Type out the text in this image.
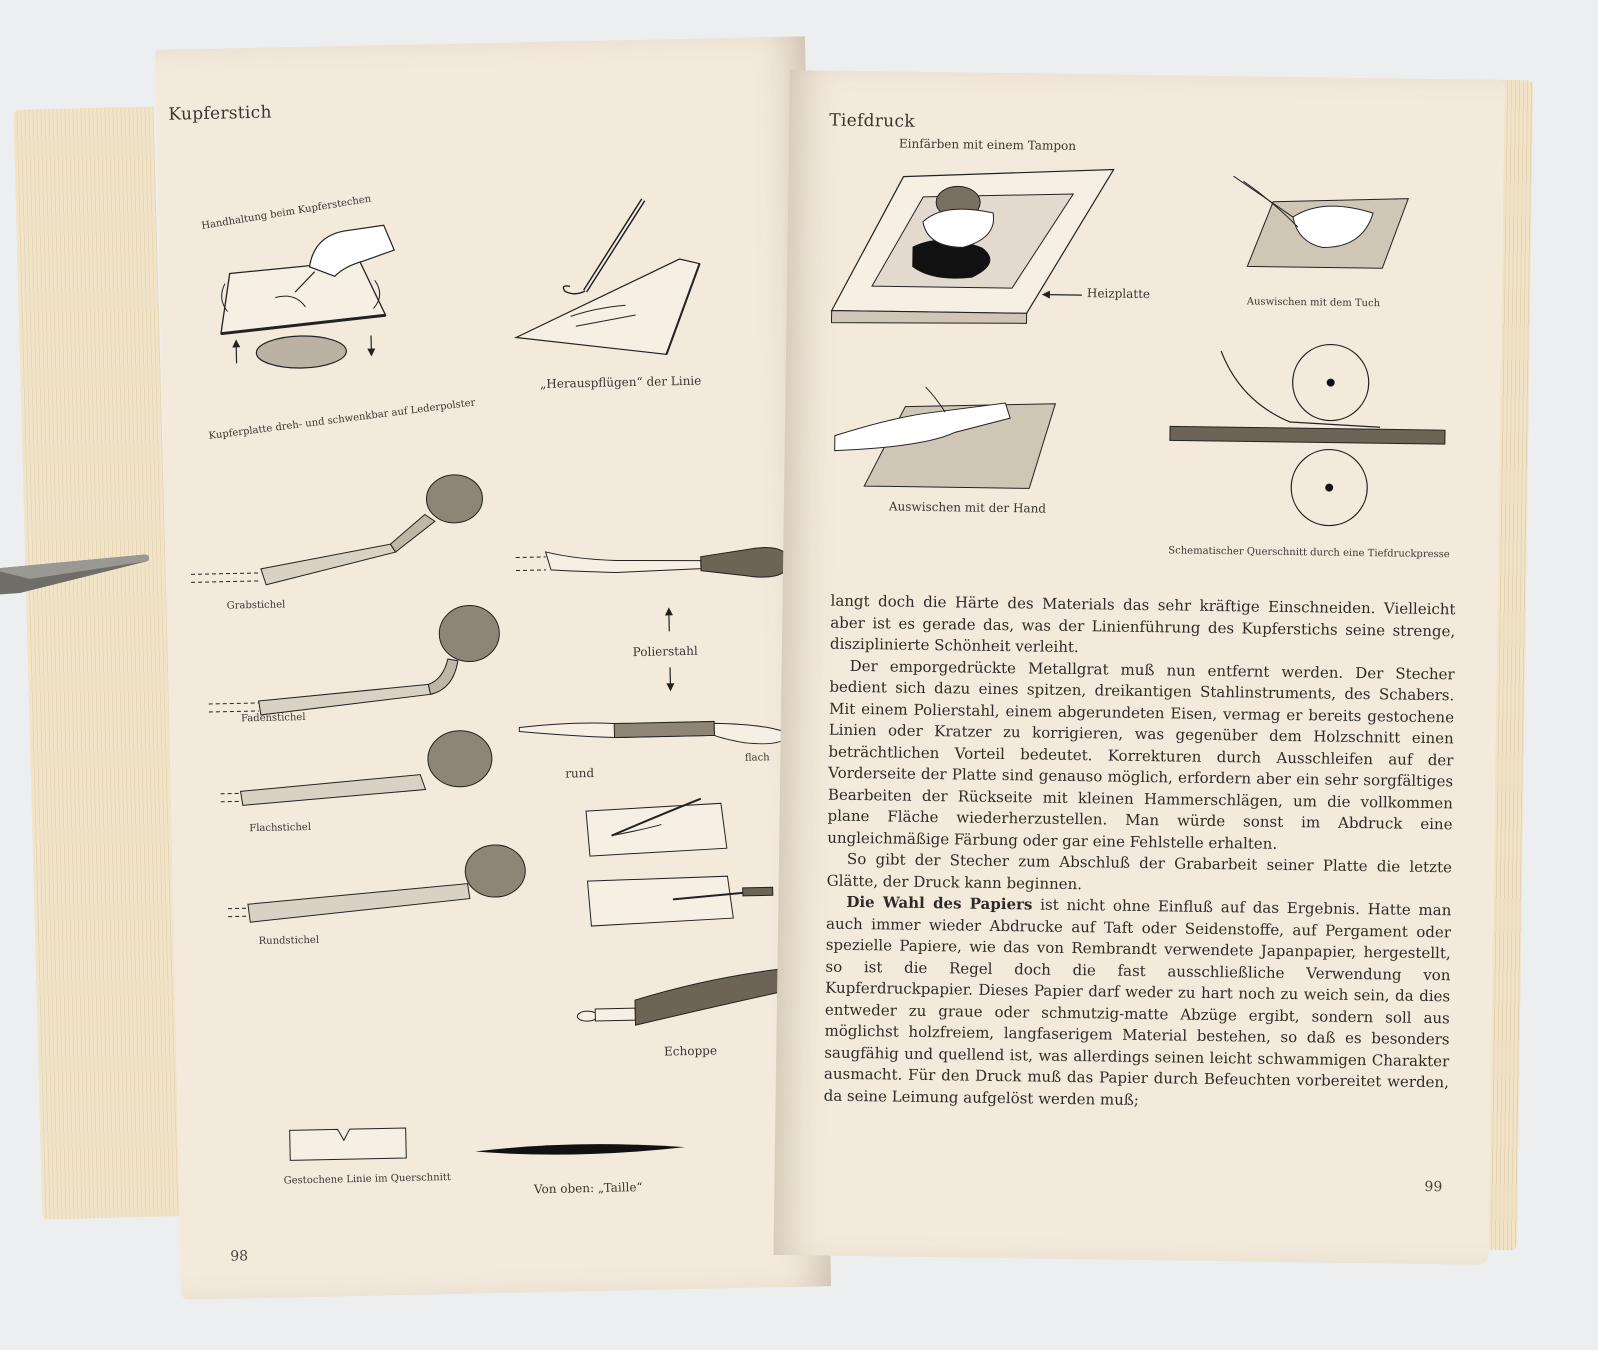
Kupferstich
Handhaltung beim Kupferstechen
Kupferplatte dreh- und schwenkbar auf Lederpolster
„Herauspflügen“ der Linie
Grabstichel
Fadenstichel
Flachstichel
Rundstichel
Polierstahl
rund
flach
Echoppe
Gestochene Linie im Querschnitt
Von oben: „Taille“
98
Tiefdruck
Einfärben mit einem Tampon
Heizplatte
Auswischen mit dem Tuch
Auswischen mit der Hand
Schematischer Querschnitt durch eine Tiefdruckpresse

langt doch die Härte des Materials das sehr kräftige Einschneiden. Vielleicht aber ist es gerade das, was der Linienführung des Kupferstichs seine strenge, disziplinierte Schönheit verleiht.

Der emporgedrückte Metallgrat muß nun entfernt werden. Der Stecher bedient sich dazu eines spitzen, dreikantigen Stahlinstruments, des Schabers. Mit einem Polierstahl, einem abgerundeten Eisen, vermag er bereits gestochene Linien oder Kratzer zu korrigieren, was gegenüber dem Holzschnitt einen beträchtlichen Vorteil bedeutet. Korrekturen durch Ausschleifen auf der Vorderseite der Platte sind genauso möglich, erfordern aber ein sehr sorgfältiges Bearbeiten der Rückseite mit kleinen Hammerschlägen, um die vollkommen plane Fläche wiederherzustellen. Man würde sonst im Abdruck eine ungleichmäßige Färbung oder gar eine Fehlstelle erhalten.

So gibt der Stecher zum Abschluß der Grabarbeit seiner Platte die letzte Glätte, der Druck kann beginnen.

Die Wahl des Papiers ist nicht ohne Einfluß auf das Ergebnis. Hatte man auch immer wieder Abdrucke auf Taft oder Seidenstoffe, auf Pergament oder spezielle Papiere, wie das von Rembrandt verwendete Japanpapier, hergestellt, so ist die Regel doch die fast ausschließliche Verwendung von Kupferdruckpapier. Dieses Papier darf weder zu hart noch zu weich sein, da dies entweder zu graue oder schmutzig-matte Abzüge ergibt, sondern soll aus möglichst holzfreiem, langfaserigem Material bestehen, so daß es besonders saugfähig und quellend ist, was allerdings seinen leicht schwammigen Charakter ausmacht. Für den Druck muß das Papier durch Befeuchten vorbereitet werden, da seine Leimung aufgelöst werden muß;

99
